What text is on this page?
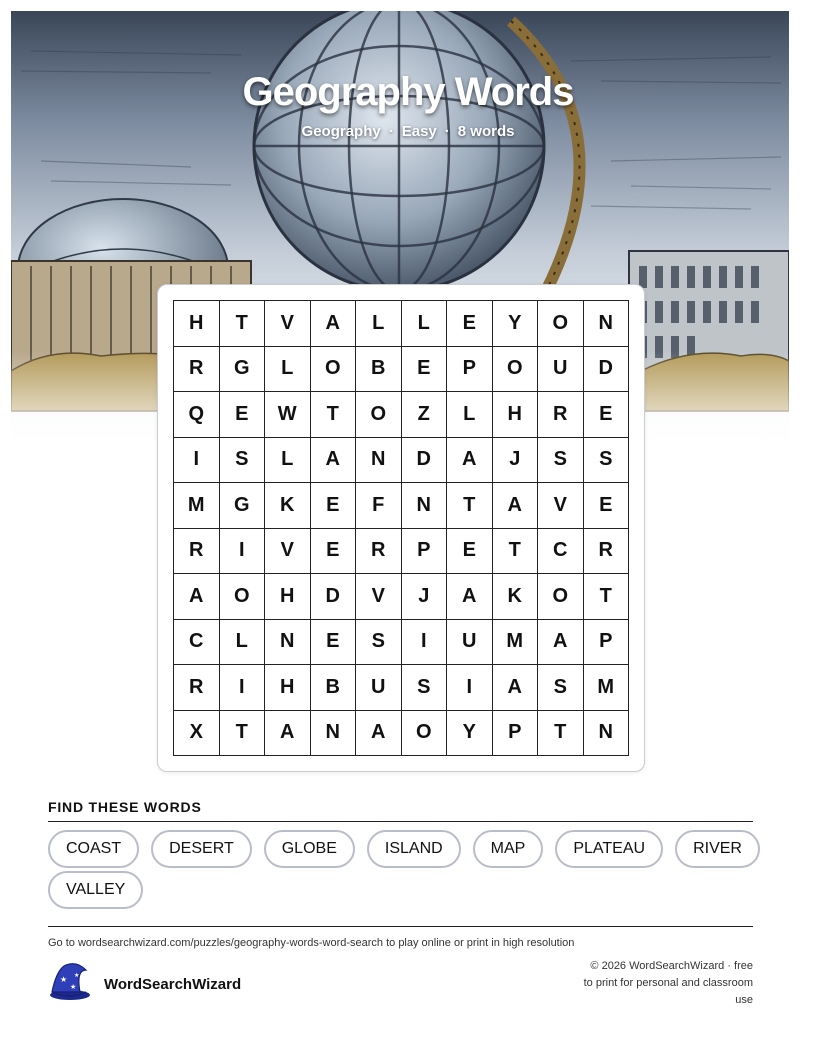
Geography Words
Geography · Easy · 8 words
H	T	V	A	L	L	E	Y	O	N
R	G	L	O	B	E	P	O	U	D
Q	E	W	T	O	Z	L	H	R	E
I	S	L	A	N	D	A	J	S	S
M	G	K	E	F	N	T	A	V	E
R	I	V	E	R	P	E	T	C	R
A	O	H	D	V	J	A	K	O	T
C	L	N	E	S	I	U	M	A	P
R	I	H	B	U	S	I	A	S	M
X	T	A	N	A	O	Y	P	T	N
FIND THESE WORDS
COAST	DESERT	GLOBE	ISLAND	MAP	PLATEAU	RIVER
VALLEY
Go to wordsearchwizard.com/puzzles/geography-words-word-search to play online or print in high resolution
★
★
★
WordSearchWizard
© 2026 WordSearchWizard · free to print for personal and classroom use
